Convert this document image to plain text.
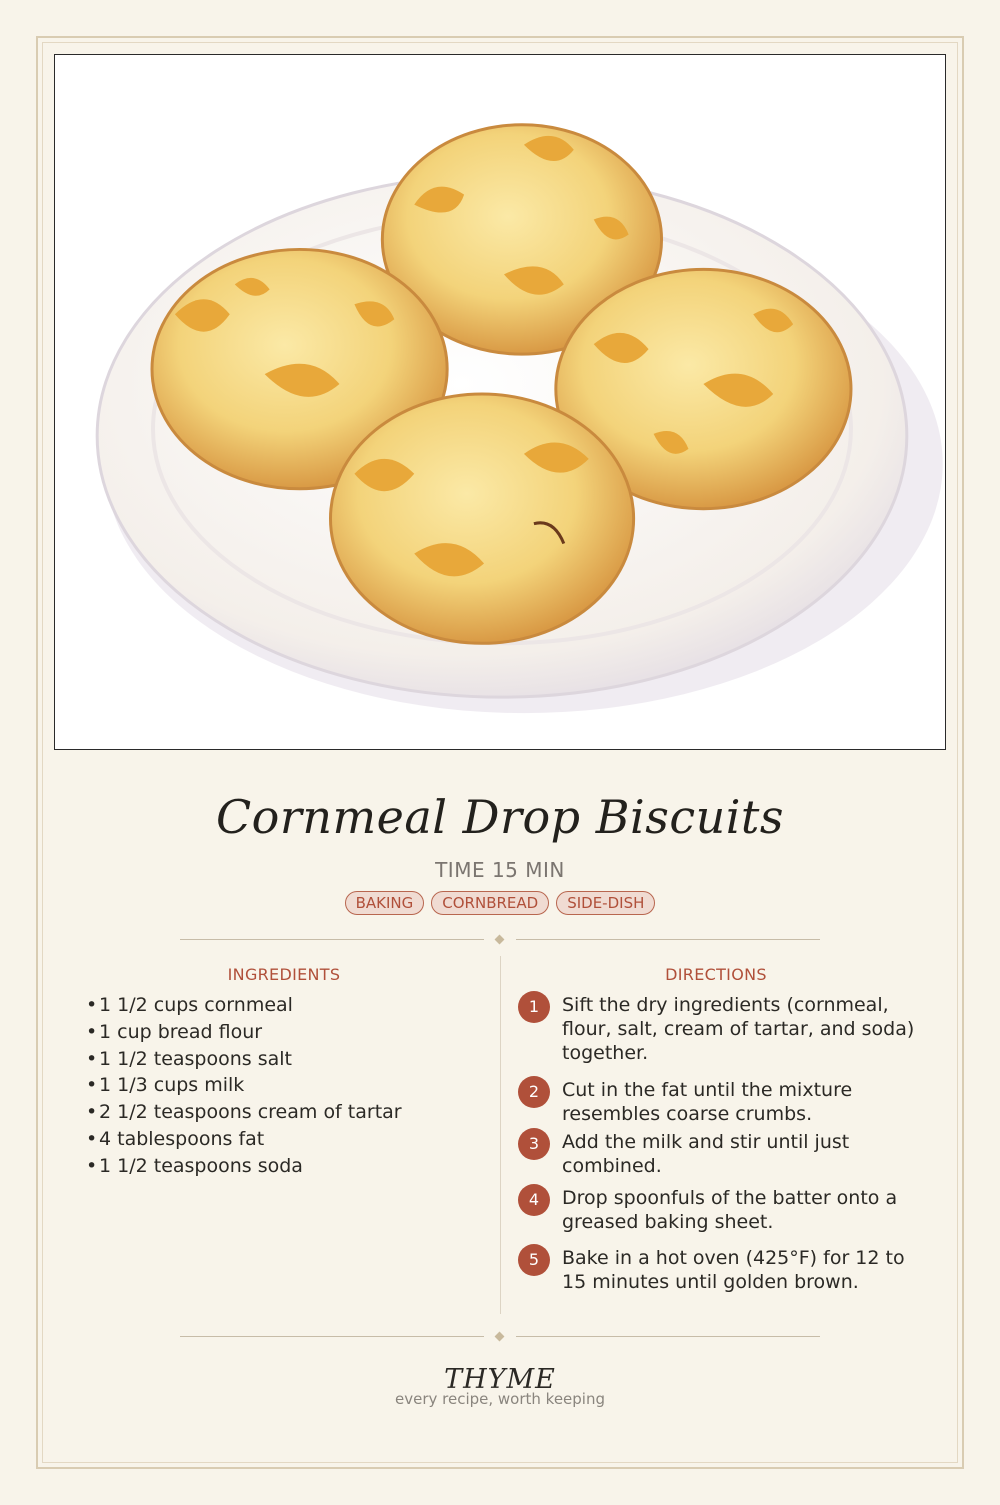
Cornmeal Drop Biscuits
TIME 15 MIN
BAKING	CORNBREAD	SIDE-DISH
INGREDIENTS	DIRECTIONS
•1 1/2 cups cornmeal
•1 cup bread flour
•1 1/2 teaspoons salt
•1 1/3 cups milk
•2 1/2 teaspoons cream of tartar
•4 tablespoons fat
•1 1/2 teaspoons soda
1	Sift the dry ingredients (cornmeal, flour, salt, cream of tartar, and soda) together.
2	Cut in the fat until the mixture resembles coarse crumbs.
3	Add the milk and stir until just combined.
4	Drop spoonfuls of the batter onto a greased baking sheet.
5	Bake in a hot oven (425°F) for 12 to 15 minutes until golden brown.
THYME
every recipe, worth keeping
